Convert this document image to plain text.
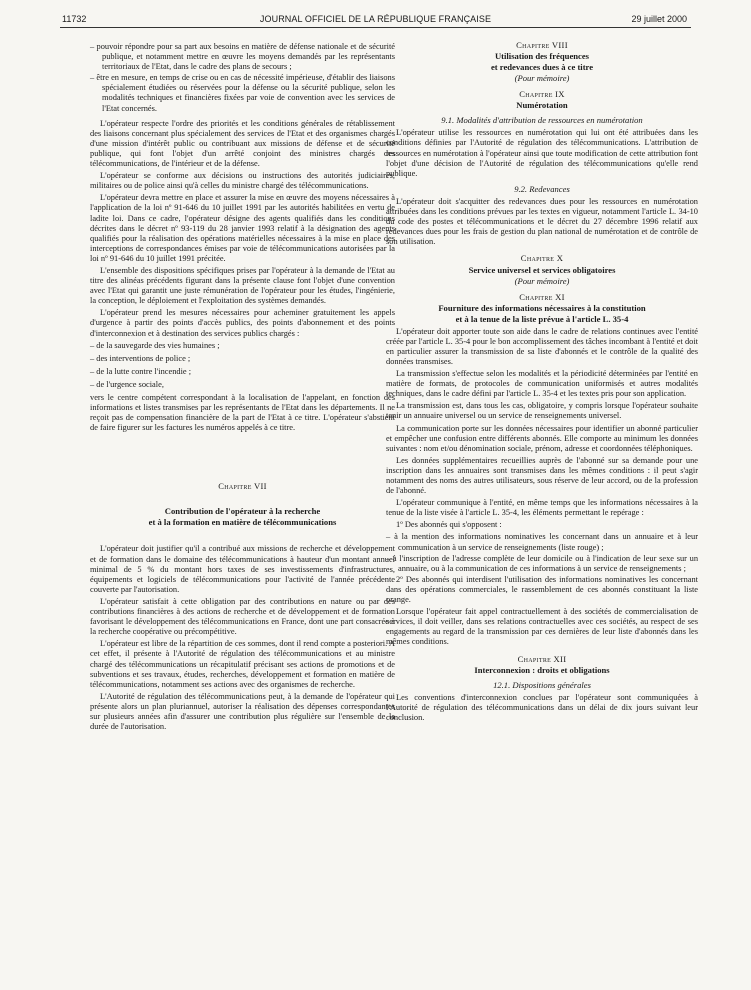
11732	JOURNAL OFFICIEL DE LA RÉPUBLIQUE FRANÇAISE	29 juillet 2000

– pouvoir répondre pour sa part aux besoins en matière de défense nationale et de sécurité publique, et notamment mettre en œuvre les moyens demandés par les représentants territoriaux de l'Etat, dans le cadre des plans de secours ;

– être en mesure, en temps de crise ou en cas de nécessité impérieuse, d'établir des liaisons spécialement étudiées ou réservées pour la défense ou la sécurité publique, selon les modalités techniques et financières fixées par voie de convention avec les services de l'Etat concernés.

L'opérateur respecte l'ordre des priorités et les conditions générales de rétablissement des liaisons concernant plus spécialement des services de l'Etat et des organismes chargés d'une mission d'intérêt public ou contribuant aux missions de défense et de sécurité publique, qui font l'objet d'un arrêté conjoint des ministres chargés des télécommunications, de l'intérieur et de la défense.

L'opérateur se conforme aux décisions ou instructions des autorités judiciaires, militaires ou de police ainsi qu'à celles du ministre chargé des télécommunications.

L'opérateur devra mettre en place et assurer la mise en œuvre des moyens nécessaires à l'application de la loi nº 91-646 du 10 juillet 1991 par les autorités habilitées en vertu de ladite loi. Dans ce cadre, l'opérateur désigne des agents qualifiés dans les conditions décrites dans le décret nº 93-119 du 28 janvier 1993 relatif à la désignation des agents qualifiés pour la réalisation des opérations matérielles nécessaires à la mise en place des interceptions de correspondances émises par voie de télécommunications autorisées par la loi nº 91-646 du 10 juillet 1991 précitée.

L'ensemble des dispositions spécifiques prises par l'opérateur à la demande de l'Etat au titre des alinéas précédents figurant dans la présente clause font l'objet d'une convention avec l'Etat qui garantit une juste rémunération de l'opérateur pour les études, l'ingénierie, la conception, le déploiement et l'exploitation des systèmes demandés.

L'opérateur prend les mesures nécessaires pour acheminer gratuitement les appels d'urgence à partir des points d'accès publics, des points d'abonnement et des points d'interconnexion et à destination des services publics chargés :

– de la sauvegarde des vies humaines ;

– des interventions de police ;

– de la lutte contre l'incendie ;

– de l'urgence sociale,

vers le centre compétent correspondant à la localisation de l'appelant, en fonction des informations et listes transmises par les représentants de l'Etat dans les départements. Il ne reçoit pas de compensation financière de la part de l'Etat à ce titre. L'opérateur s'abstient de faire figurer sur les factures les numéros appelés à ce titre.

Chapitre VII

Contribution de l'opérateur à la recherche

et à la formation en matière de télécommunications

L'opérateur doit justifier qu'il a contribué aux missions de recherche et développement et de formation dans le domaine des télécommunications à hauteur d'un montant annuel minimal de 5 % du montant hors taxes de ses investissements d'infrastructures, équipements et logiciels de télécommunications pour l'activité de l'année précédente couverte par l'autorisation.

L'opérateur satisfait à cette obligation par des contributions en nature ou par des contributions financières à des actions de recherche et de développement et de formation favorisant le développement des télécommunications en France, dont une part consacrée à la recherche coopérative ou précompétitive.

L'opérateur est libre de la répartition de ces sommes, dont il rend compte a posteriori. A cet effet, il présente à l'Autorité de régulation des télécommunications et au ministre chargé des télécommunications un récapitulatif précisant ses actions de promotions et de subventions et ses travaux, études, recherches, développement et formation en matière de télécommunications, notamment ses actions avec des organismes de recherche.

L'Autorité de régulation des télécommunications peut, à la demande de l'opérateur qui présente alors un plan pluriannuel, autoriser la réalisation des dépenses correspondantes sur plusieurs années afin d'assurer une contribution plus régulière sur l'ensemble de la durée de l'autorisation.

Chapitre VIII

Utilisation des fréquences

et redevances dues à ce titre

(Pour mémoire)

Chapitre IX

Numérotation

9.1. Modalités d'attribution de ressources en numérotation

L'opérateur utilise les ressources en numérotation qui lui ont été attribuées dans les conditions définies par l'Autorité de régulation des télécommunications. L'attribution de ressources en numérotation à l'opérateur ainsi que toute modification de cette attribution font l'objet d'une décision de l'Autorité de régulation des télécommunications qu'elle rend publique.

9.2. Redevances

L'opérateur doit s'acquitter des redevances dues pour les ressources en numérotation attribuées dans les conditions prévues par les textes en vigueur, notamment l'article L. 34-10 du code des postes et télécommunications et le décret du 27 décembre 1996 relatif aux redevances dues pour les frais de gestion du plan national de numérotation et de contrôle de son utilisation.

Chapitre X

Service universel et services obligatoires

(Pour mémoire)

Chapitre XI

Fourniture des informations nécessaires à la constitution

et à la tenue de la liste prévue à l'article L. 35-4

L'opérateur doit apporter toute son aide dans le cadre de relations continues avec l'entité créée par l'article L. 35-4 pour le bon accomplissement des tâches incombant à l'entité et doit en particulier assurer la transmission de sa liste d'abonnés et le contrôle de la qualité des données transmises.

La transmission s'effectue selon les modalités et la périodicité déterminées par l'entité en matière de formats, de protocoles de communication uniformisés et autres modalités techniques, dans le cadre défini par l'article L. 35-4 et les textes pris pour son application.

La transmission est, dans tous les cas, obligatoire, y compris lorsque l'opérateur souhaite tenir un annuaire universel ou un service de renseignements universel.

La communication porte sur les données nécessaires pour identifier un abonné particulier et empêcher une confusion entre différents abonnés. Elle comporte au minimum les données suivantes : nom et/ou dénomination sociale, prénom, adresse et coordonnées téléphoniques.

Les données supplémentaires recueillies auprès de l'abonné sur sa demande pour une inscription dans les annuaires sont transmises dans les mêmes conditions : il peut s'agir notamment des noms des autres utilisateurs, sous réserve de leur accord, ou de la profession de l'abonné.

L'opérateur communique à l'entité, en même temps que les informations nécessaires à la tenue de la liste visée à l'article L. 35-4, les éléments permettant le repérage :

1º Des abonnés qui s'opposent :

– à la mention des informations nominatives les concernant dans un annuaire et à leur communication à un service de renseignements (liste rouge) ;

– à l'inscription de l'adresse complète de leur domicile ou à l'indication de leur sexe sur un annuaire, ou à la communication de ces informations à un service de renseignements ;

2º Des abonnés qui interdisent l'utilisation des informations nominatives les concernant dans des opérations commerciales, le rassemblement de ces abonnés constituant la liste orange.

Lorsque l'opérateur fait appel contractuellement à des sociétés de commercialisation de services, il doit veiller, dans ses relations contractuelles avec ces sociétés, au respect de ses engagements au regard de la transmission par ces dernières de leur liste d'abonnés dans les mêmes conditions.

Chapitre XII

Interconnexion : droits et obligations

12.1. Dispositions générales

Les conventions d'interconnexion conclues par l'opérateur sont communiquées à l'Autorité de régulation des télécommunications dans un délai de dix jours suivant leur conclusion.
